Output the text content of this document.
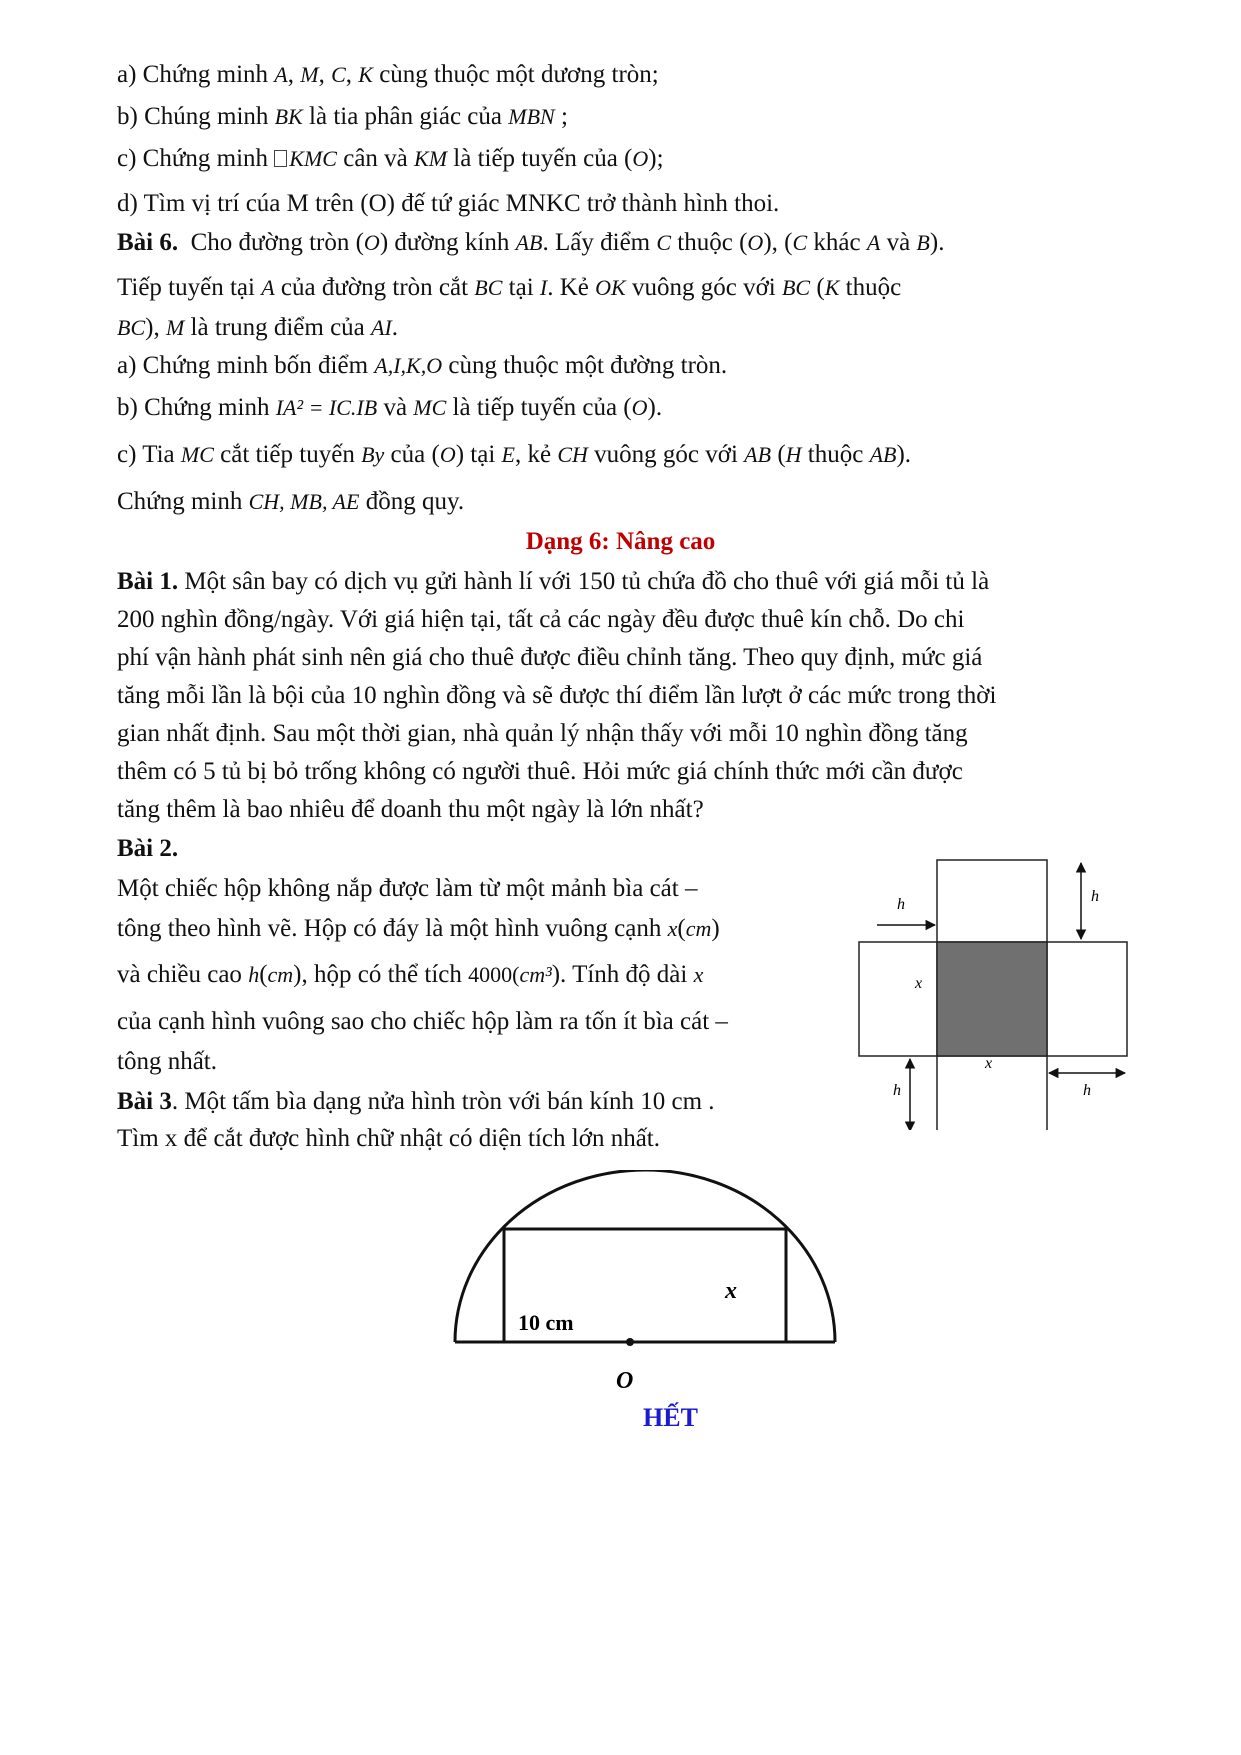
a) Chứng minh A, M, C, K cùng thuộc một dương tròn;
b) Chúng minh BK là tia phân giác của MBN ;
c) Chứng minh KMC cân và KM là tiếp tuyến của (O);
d) Tìm vị trí cúa M trên (O) đế tứ giác MNKC trở thành hình thoi.
Bài 6. Cho đường tròn (O) đường kính AB. Lấy điểm C thuộc (O), (C khác A và B).
Tiếp tuyến tại A của đường tròn cắt BC tại I. Kẻ OK vuông góc với BC (K thuộc
BC), M là trung điểm của AI.
a) Chứng minh bốn điểm A,I,K,O cùng thuộc một đường tròn.
b) Chứng minh IA² = IC.IB và MC là tiếp tuyến của (O).
c) Tia MC cắt tiếp tuyến By của (O) tại E, kẻ CH vuông góc với AB (H thuộc AB).
Chứng minh CH, MB, AE đồng quy.
Dạng 6: Nâng cao
Bài 1. Một sân bay có dịch vụ gửi hành lí với 150 tủ chứa đồ cho thuê với giá mỗi tủ là
200 nghìn đồng/ngày. Với giá hiện tại, tất cả các ngày đều được thuê kín chỗ. Do chi
phí vận hành phát sinh nên giá cho thuê được điều chỉnh tăng. Theo quy định, mức giá
tăng mỗi lần là bội của 10 nghìn đồng và sẽ được thí điểm lần lượt ở các mức trong thời
gian nhất định. Sau một thời gian, nhà quản lý nhận thấy với mỗi 10 nghìn đồng tăng
thêm có 5 tủ bị bỏ trống không có người thuê. Hỏi mức giá chính thức mới cần được
tăng thêm là bao nhiêu để doanh thu một ngày là lớn nhất?
Bài 2.
Một chiếc hộp không nắp được làm từ một mảnh bìa cát –
tông theo hình vẽ. Hộp có đáy là một hình vuông cạnh x(cm)
và chiều cao h(cm), hộp có thể tích 4000(cm³). Tính độ dài x
của cạnh hình vuông sao cho chiếc hộp làm ra tốn ít bìa cát –
tông nhất.
h	h
x
x
h	h
Bài 3. Một tấm bìa dạng nửa hình tròn với bán kính 10 cm .
Tìm x để cắt được hình chữ nhật có diện tích lớn nhất.
x
10 cm
O
HẾT
